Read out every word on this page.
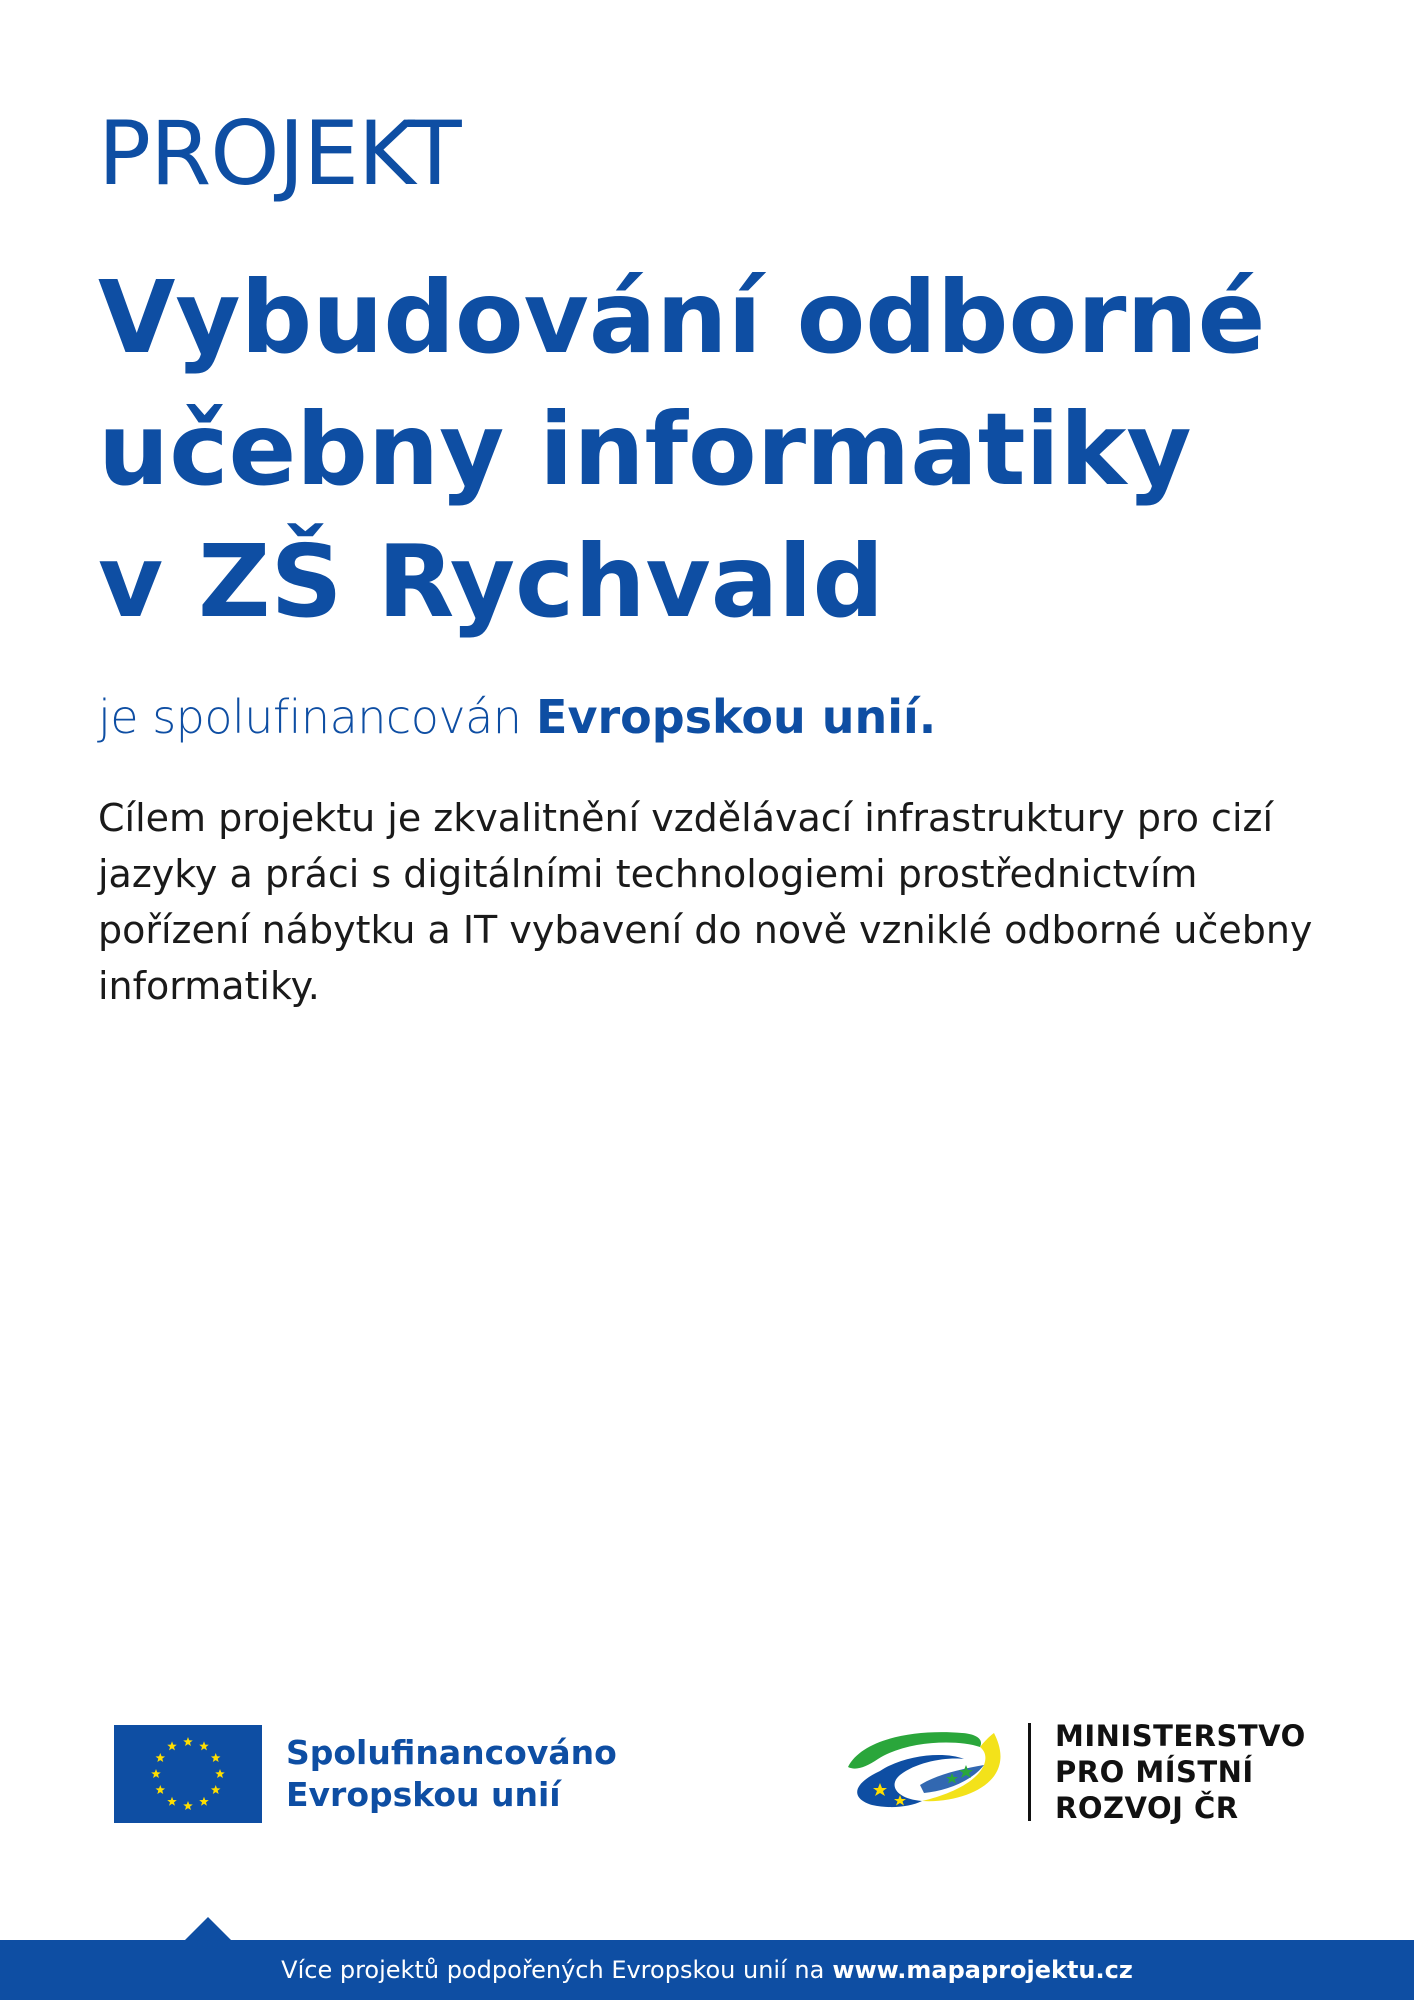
PROJEKT
Vybudování odborné
učebny informatiky
v ZŠ Rychvald
je spolufinancován Evropskou unií.

Cílem projektu je zkvalitnění vzdělávací infrastruktury pro cizí jazyky a práci s digitálními technologiemi prostřednictvím pořízení nábytku a IT vybavení do nově vzniklé odborné učebny informatiky.

Spolufinancováno
Evropskou unií
MINISTERSTVO
PRO MÍSTNÍ
ROZVOJ ČR
Více projektů podpořených Evropskou unií na www.mapaprojektu.cz
